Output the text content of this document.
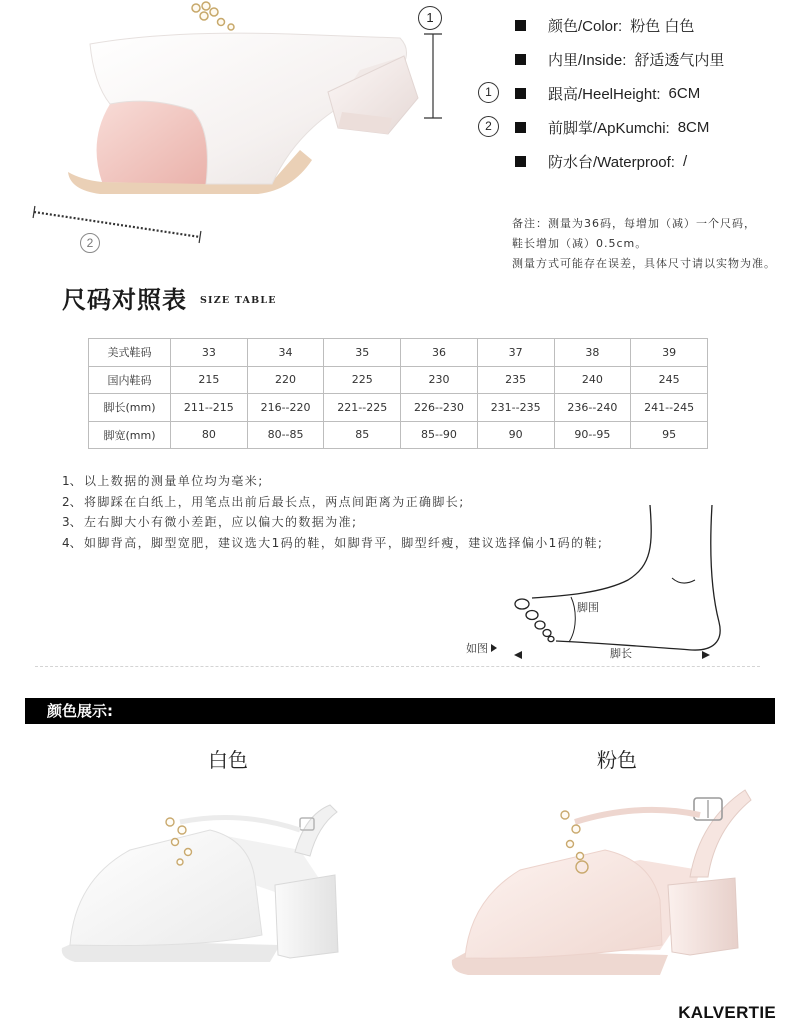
1
2
颜色/Color: 粉色 白色
内里/Inside: 舒适透气内里
1	跟高/HeelHeight: 6CM
2	前脚掌/ApKumchi: 8CM
防水台/Waterproof: /
备注：测量为36码，每增加（减）一个尺码，
鞋长增加（减）0.5cm。
测量方式可能存在误差，具体尺寸请以实物为准。
尺码对照表 SIZE TABLE
美式鞋码	33	34	35	36	37	38	39
国内鞋码	215	220	225	230	235	240	245
脚长(mm)	211--215	216--220	221--225	226--230	231--235	236--240	241--245
脚宽(mm)	80	80--85	85	85--90	90	90--95	95
1、 以上数据的测量单位均为毫米;
2、 将脚踩在白纸上，用笔点出前后最长点，两点间距离为正确脚长;
3、 左右脚大小有微小差距，应以偏大的数据为准;
4、 如脚背高，脚型宽肥，建议选大1码的鞋，如脚背平，脚型纤瘦，建议选择偏小1码的鞋;
脚围
脚长
如图
颜色展示:
白色	粉色
KALVERTIE
